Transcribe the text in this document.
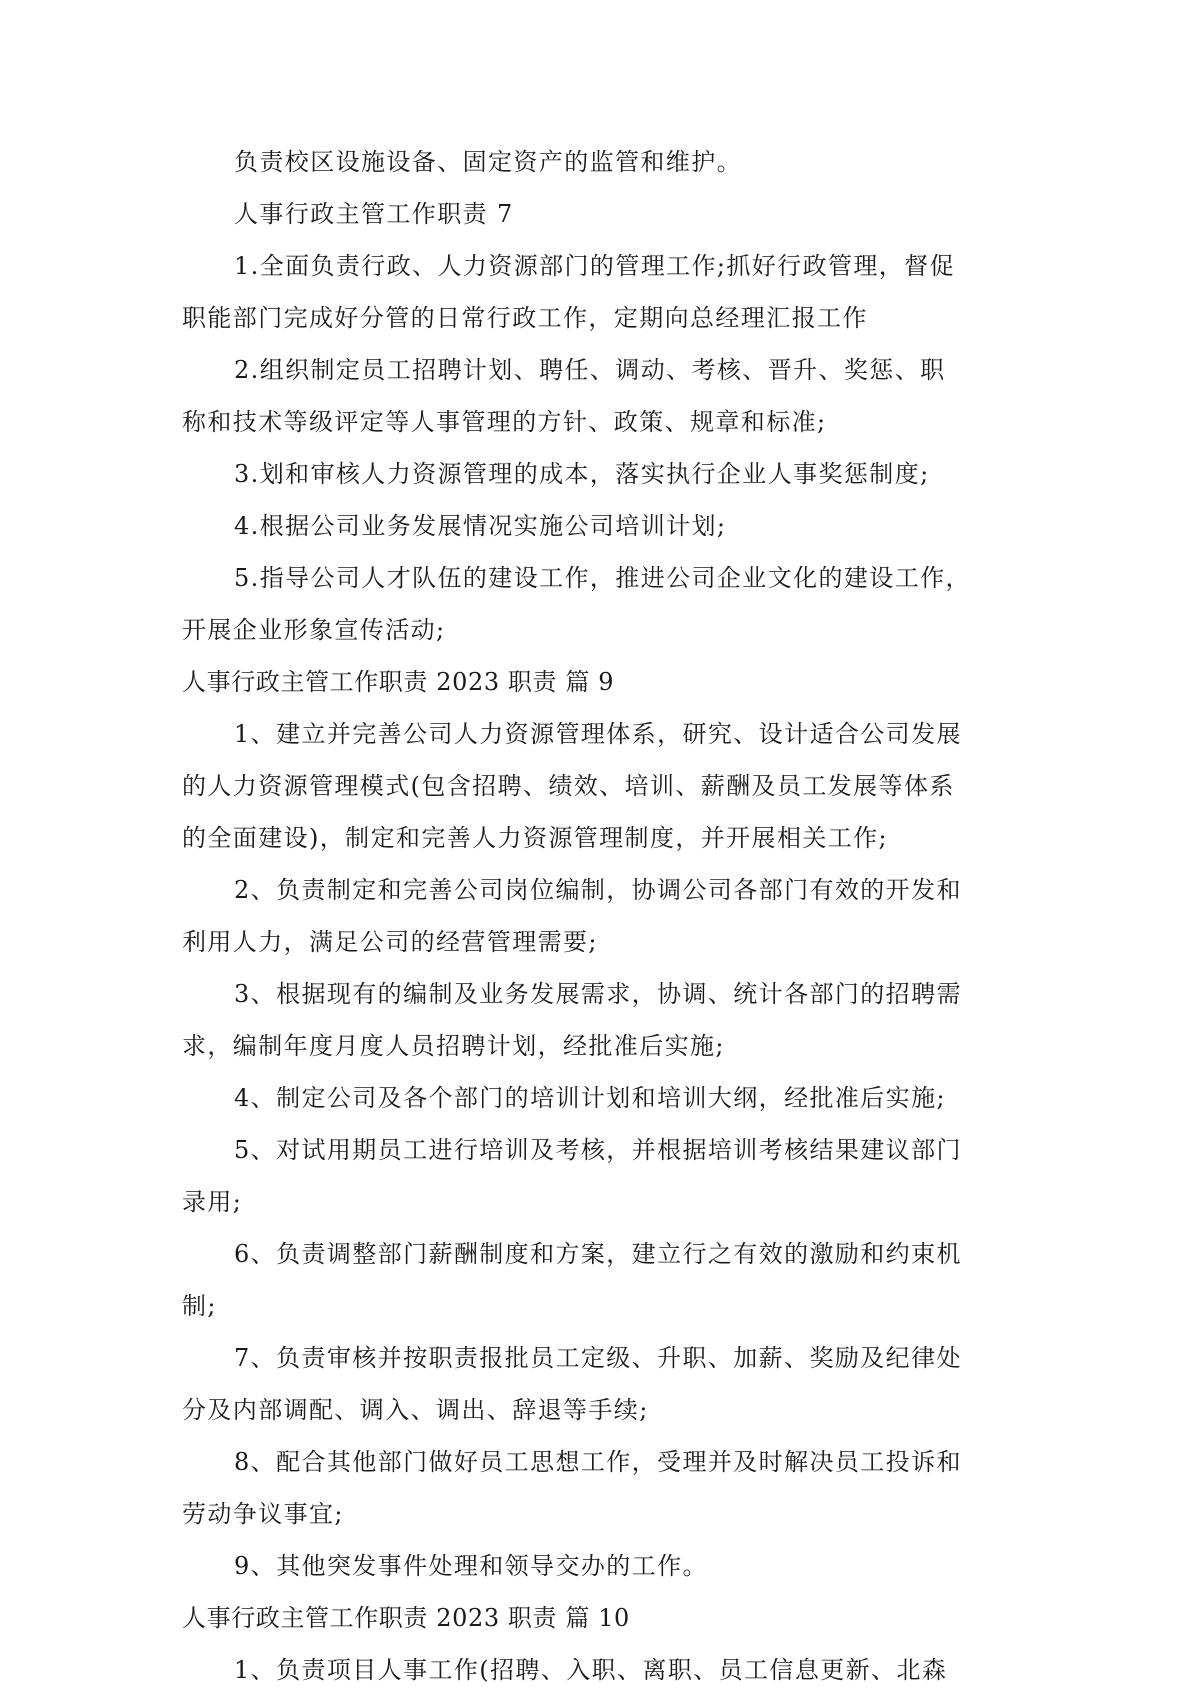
负责校区设施设备、固定资产的监管和维护。
人事行政主管工作职责 7
1.全面负责行政、人力资源部门的管理工作;抓好行政管理，督促
职能部门完成好分管的日常行政工作，定期向总经理汇报工作
2.组织制定员工招聘计划、聘任、调动、考核、晋升、奖惩、职
称和技术等级评定等人事管理的方针、政策、规章和标准;
3.划和审核人力资源管理的成本，落实执行企业人事奖惩制度;
4.根据公司业务发展情况实施公司培训计划;
5.指导公司人才队伍的建设工作，推进公司企业文化的建设工作，
开展企业形象宣传活动;
人事行政主管工作职责 2023 职责 篇 9
1、建立并完善公司人力资源管理体系，研究、设计适合公司发展
的人力资源管理模式(包含招聘、绩效、培训、薪酬及员工发展等体系
的全面建设)，制定和完善人力资源管理制度，并开展相关工作;
2、负责制定和完善公司岗位编制，协调公司各部门有效的开发和
利用人力，满足公司的经营管理需要;
3、根据现有的编制及业务发展需求，协调、统计各部门的招聘需
求，编制年度月度人员招聘计划，经批准后实施;
4、制定公司及各个部门的培训计划和培训大纲，经批准后实施;
5、对试用期员工进行培训及考核，并根据培训考核结果建议部门
录用;
6、负责调整部门薪酬制度和方案，建立行之有效的激励和约束机
制;
7、负责审核并按职责报批员工定级、升职、加薪、奖励及纪律处
分及内部调配、调入、调出、辞退等手续;
8、配合其他部门做好员工思想工作，受理并及时解决员工投诉和
劳动争议事宜;
9、其他突发事件处理和领导交办的工作。
人事行政主管工作职责 2023 职责 篇 10
1、负责项目人事工作(招聘、入职、离职、员工信息更新、北森
